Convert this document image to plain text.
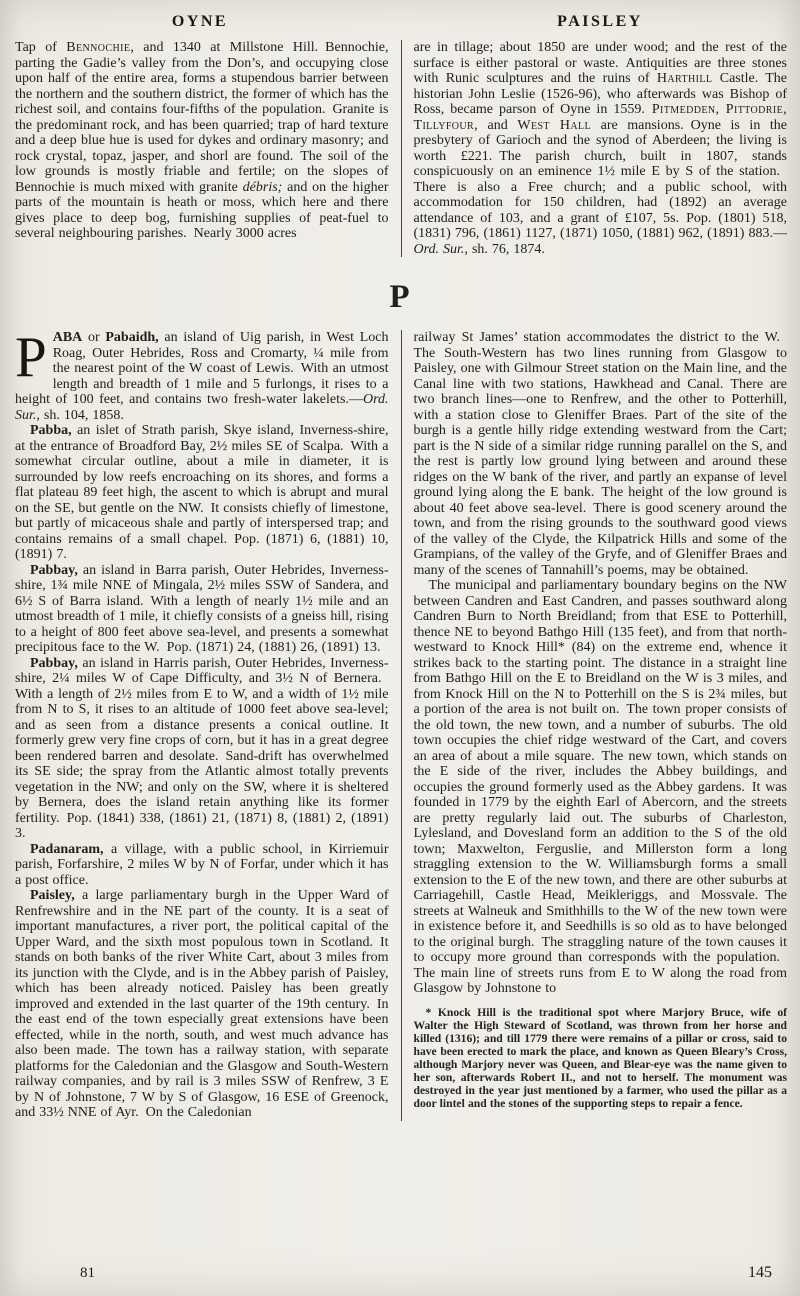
OYNE	PAISLEY

Tap of Bennochie, and 1340 at Millstone Hill. Bennochie, parting the Gadie’s valley from the Don’s, and occupying close upon half of the entire area, forms a stupendous barrier between the northern and the southern district, the former of which has the richest soil, and contains four-fifths of the population. Granite is the predominant rock, and has been quarried; trap of hard texture and a deep blue hue is used for dykes and ordinary masonry; and rock crystal, topaz, jasper, and shorl are found. The soil of the low grounds is mostly friable and fertile; on the slopes of Bennochie is much mixed with granite débris; and on the higher parts of the mountain is heath or moss, which here and there gives place to deep bog, furnishing supplies of peat-fuel to several neighbouring parishes. Nearly 3000 acres

are in tillage; about 1850 are under wood; and the rest of the surface is either pastoral or waste. Antiquities are three stones with Runic sculptures and the ruins of Harthill Castle. The historian John Leslie (1526-96), who afterwards was Bishop of Ross, became parson of Oyne in 1559. Pitmedden, Pittodrie, Tillyfour, and West Hall are mansions. Oyne is in the presbytery of Garioch and the synod of Aberdeen; the living is worth £221. The parish church, built in 1807, stands conspicuously on an eminence 1½ mile E by S of the station. There is also a Free church; and a public school, with accommodation for 150 children, had (1892) an average attendance of 103, and a grant of £107, 5s. Pop. (1801) 518, (1831) 796, (1861) 1127, (1871) 1050, (1881) 962, (1891) 883.—Ord. Sur., sh. 76, 1874.

P

PABA or Pabaidh, an island of Uig parish, in West Loch Roag, Outer Hebrides, Ross and Cromarty, ¼ mile from the nearest point of the W coast of Lewis. With an utmost length and breadth of 1 mile and 5 furlongs, it rises to a height of 100 feet, and contains two fresh-water lakelets.—Ord. Sur., sh. 104, 1858.

Pabba, an islet of Strath parish, Skye island, Inverness-shire, at the entrance of Broadford Bay, 2½ miles SE of Scalpa. With a somewhat circular outline, about a mile in diameter, it is surrounded by low reefs encroaching on its shores, and forms a flat plateau 89 feet high, the ascent to which is abrupt and mural on the SE, but gentle on the NW. It consists chiefly of limestone, but partly of micaceous shale and partly of interspersed trap; and contains remains of a small chapel. Pop. (1871) 6, (1881) 10, (1891) 7.

Pabbay, an island in Barra parish, Outer Hebrides, Inverness-shire, 1¾ mile NNE of Mingala, 2½ miles SSW of Sandera, and 6½ S of Barra island. With a length of nearly 1½ mile and an utmost breadth of 1 mile, it chiefly consists of a gneiss hill, rising to a height of 800 feet above sea-level, and presents a somewhat precipitous face to the W. Pop. (1871) 24, (1881) 26, (1891) 13.

Pabbay, an island in Harris parish, Outer Hebrides, Inverness-shire, 2¼ miles W of Cape Difficulty, and 3½ N of Bernera. With a length of 2½ miles from E to W, and a width of 1½ mile from N to S, it rises to an altitude of 1000 feet above sea-level; and as seen from a distance presents a conical outline. It formerly grew very fine crops of corn, but it has in a great degree been rendered barren and desolate. Sand-drift has overwhelmed its SE side; the spray from the Atlantic almost totally prevents vegetation in the NW; and only on the SW, where it is sheltered by Bernera, does the island retain anything like its former fertility. Pop. (1841) 338, (1861) 21, (1871) 8, (1881) 2, (1891) 3.

Padanaram, a village, with a public school, in Kirriemuir parish, Forfarshire, 2 miles W by N of Forfar, under which it has a post office.

Paisley, a large parliamentary burgh in the Upper Ward of Renfrewshire and in the NE part of the county. It is a seat of important manufactures, a river port, the political capital of the Upper Ward, and the sixth most populous town in Scotland. It stands on both banks of the river White Cart, about 3 miles from its junction with the Clyde, and is in the Abbey parish of Paisley, which has been already noticed. Paisley has been greatly improved and extended in the last quarter of the 19th century. In the east end of the town especially great extensions have been effected, while in the north, south, and west much advance has also been made. The town has a railway station, with separate platforms for the Caledonian and the Glasgow and South-Western railway companies, and by rail is 3 miles SSW of Renfrew, 3 E by N of Johnstone, 7 W by S of Glasgow, 16 ESE of Greenock, and 33½ NNE of Ayr. On the Caledonian

railway St James’ station accommodates the district to the W. The South-Western has two lines running from Glasgow to Paisley, one with Gilmour Street station on the Main line, and the Canal line with two stations, Hawkhead and Canal. There are two branch lines—one to Renfrew, and the other to Potterhill, with a station close to Gleniffer Braes. Part of the site of the burgh is a gentle hilly ridge extending westward from the Cart; part is the N side of a similar ridge running parallel on the S, and the rest is partly low ground lying between and around these ridges on the W bank of the river, and partly an expanse of level ground lying along the E bank. The height of the low ground is about 40 feet above sea-level. There is good scenery around the town, and from the rising grounds to the southward good views of the valley of the Clyde, the Kilpatrick Hills and some of the Grampians, of the valley of the Gryfe, and of Gleniffer Braes and many of the scenes of Tannahill’s poems, may be obtained.

The municipal and parliamentary boundary begins on the NW between Candren and East Candren, and passes southward along Candren Burn to North Breidland; from that ESE to Potterhill, thence NE to beyond Bathgo Hill (135 feet), and from that north-westward to Knock Hill* (84) on the extreme end, whence it strikes back to the starting point. The distance in a straight line from Bathgo Hill on the E to Breidland on the W is 3 miles, and from Knock Hill on the N to Potterhill on the S is 2¾ miles, but a portion of the area is not built on. The town proper consists of the old town, the new town, and a number of suburbs. The old town occupies the chief ridge westward of the Cart, and covers an area of about a mile square. The new town, which stands on the E side of the river, includes the Abbey buildings, and occupies the ground formerly used as the Abbey gardens. It was founded in 1779 by the eighth Earl of Abercorn, and the streets are pretty regularly laid out. The suburbs of Charleston, Lylesland, and Dovesland form an addition to the S of the old town; Maxwelton, Ferguslie, and Millerston form a long straggling extension to the W. Williamsburgh forms a small extension to the E of the new town, and there are other suburbs at Carriagehill, Castle Head, Meikleriggs, and Mossvale. The streets at Walneuk and Smithhills to the W of the new town were in existence before it, and Seedhills is so old as to have belonged to the original burgh. The straggling nature of the town causes it to occupy more ground than corresponds with the population. The main line of streets runs from E to W along the road from Glasgow by Johnstone to

* Knock Hill is the traditional spot where Marjory Bruce, wife of Walter the High Steward of Scotland, was thrown from her horse and killed (1316); and till 1779 there were remains of a pillar or cross, said to have been erected to mark the place, and known as Queen Bleary’s Cross, although Marjory never was Queen, and Blear-eye was the name given to her son, afterwards Robert II., and not to herself. The monument was destroyed in the year just mentioned by a farmer, who used the pillar as a door lintel and the stones of the supporting steps to repair a fence.

81	145
